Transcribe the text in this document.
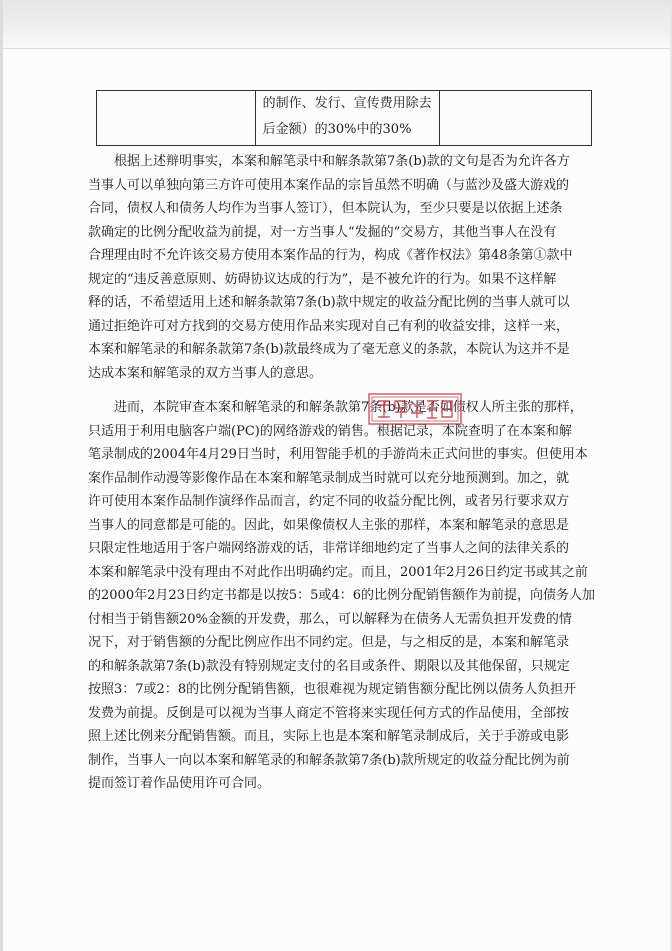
的制作、发行、宣传费用除去
后金额）的30%中的30%

根据上述辩明事实，本案和解笔录中和解条款第7条(b)款的文句是否为允许各方
当事人可以单独向第三方许可使用本案作品的宗旨虽然不明确（与蓝沙及盛大游戏的
合同，债权人和债务人均作为当事人签订），但本院认为，至少只要是以依据上述条
款确定的比例分配收益为前提，对一方当事人“发掘的”交易方，其他当事人在没有
合理理由时不允许该交易方使用本案作品的行为，构成《著作权法》第48条第①款中
规定的“违反善意原则、妨碍协议达成的行为”，是不被允许的行为。如果不这样解
释的话，不希望适用上述和解条款第7条(b)款中规定的收益分配比例的当事人就可以
通过拒绝许可对方找到的交易方使用作品来实现对自己有利的收益安排，这样一来，
本案和解笔录的和解条款第7条(b)款最终成为了毫无意义的条款，本院认为这并不是
达成本案和解笔录的双方当事人的意思。
进而，本院审查本案和解笔录的和解条款第7条(b)款是否如债权人所主张的那样，
只适用于利用电脑客户端(PC)的网络游戏的销售。根据记录，本院查明了在本案和解
笔录制成的2004年4月29日当时，利用智能手机的手游尚未正式问世的事实。但使用本
案作品制作动漫等影像作品在本案和解笔录制成当时就可以充分地预测到。加之，就
许可使用本案作品制作演绎作品而言，约定不同的收益分配比例，或者另行要求双方
当事人的同意都是可能的。因此，如果像债权人主张的那样，本案和解笔录的意思是
只限定性地适用于客户端网络游戏的话，非常详细地约定了当事人之间的法律关系的
本案和解笔录中没有理由不对此作出明确约定。而且，2001年2月26日约定书或其之前
的2000年2月23日约定书都是以按5：5或4：6的比例分配销售额作为前提，向债务人加
付相当于销售额20%金额的开发费，那么，可以解释为在债务人无需负担开发费的情
况下，对于销售额的分配比例应作出不同约定。但是，与之相反的是，本案和解笔录
的和解条款第7条(b)款没有特别规定支付的名目或条件、期限以及其他保留，只规定
按照3：7或2：8的比例分配销售额，也很难视为规定销售额分配比例以债务人负担开
发费为前提。反倒是可以视为当事人商定不管将来实现任何方式的作品使用，全部按
照上述比例来分配销售额。而且，实际上也是本案和解笔录制成后，关于手游或电影
制作，当事人一向以本案和解笔录的和解条款第7条(b)款所规定的收益分配比例为前
提而签订着作品使用许可合同。
